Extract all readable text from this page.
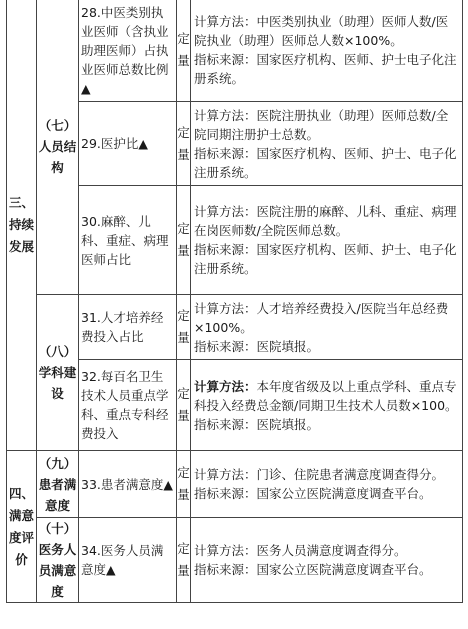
三、持续发展	（七）人员结构	28.中医类别执业医师（含执业助理医师）占执业医师总数比例▲	定量	计算方法：中医类别执业（助理）医师人数/医院执业（助理）医师总人数×100%。

指标来源：国家医疗机构、医师、护士电子化注册系统。

		29.医护比▲	定量	计算方法：医院注册执业（助理）医师总数/全院同期注册护士总数。

指标来源：国家医疗机构、医师、护士、电子化注册系统。

		30.麻醉、儿科、重症、病理医师占比	定量	计算方法：医院注册的麻醉、儿科、重症、病理在岗医师数/全院医师总数。

指标来源：国家医疗机构、医师、护士、电子化注册系统。

	（八）学科建设	31.人才培养经费投入占比	定量	计算方法：人才培养经费投入/医院当年总经费×100%。

指标来源：医院填报。

		32.每百名卫生技术人员重点学科、重点专科经费投入	定量	计算方法：本年度省级及以上重点学科、重点专科投入经费总金额/同期卫生技术人员数×100。

指标来源：医院填报。

四、满意度评价	（九）患者满意度	33.患者满意度▲	定量	计算方法：门诊、住院患者满意度调查得分。

指标来源：国家公立医院满意度调查平台。

	（十）医务人员满意度	34.医务人员满意度▲	定量	计算方法：医务人员满意度调查得分。

指标来源：国家公立医院满意度调查平台。
